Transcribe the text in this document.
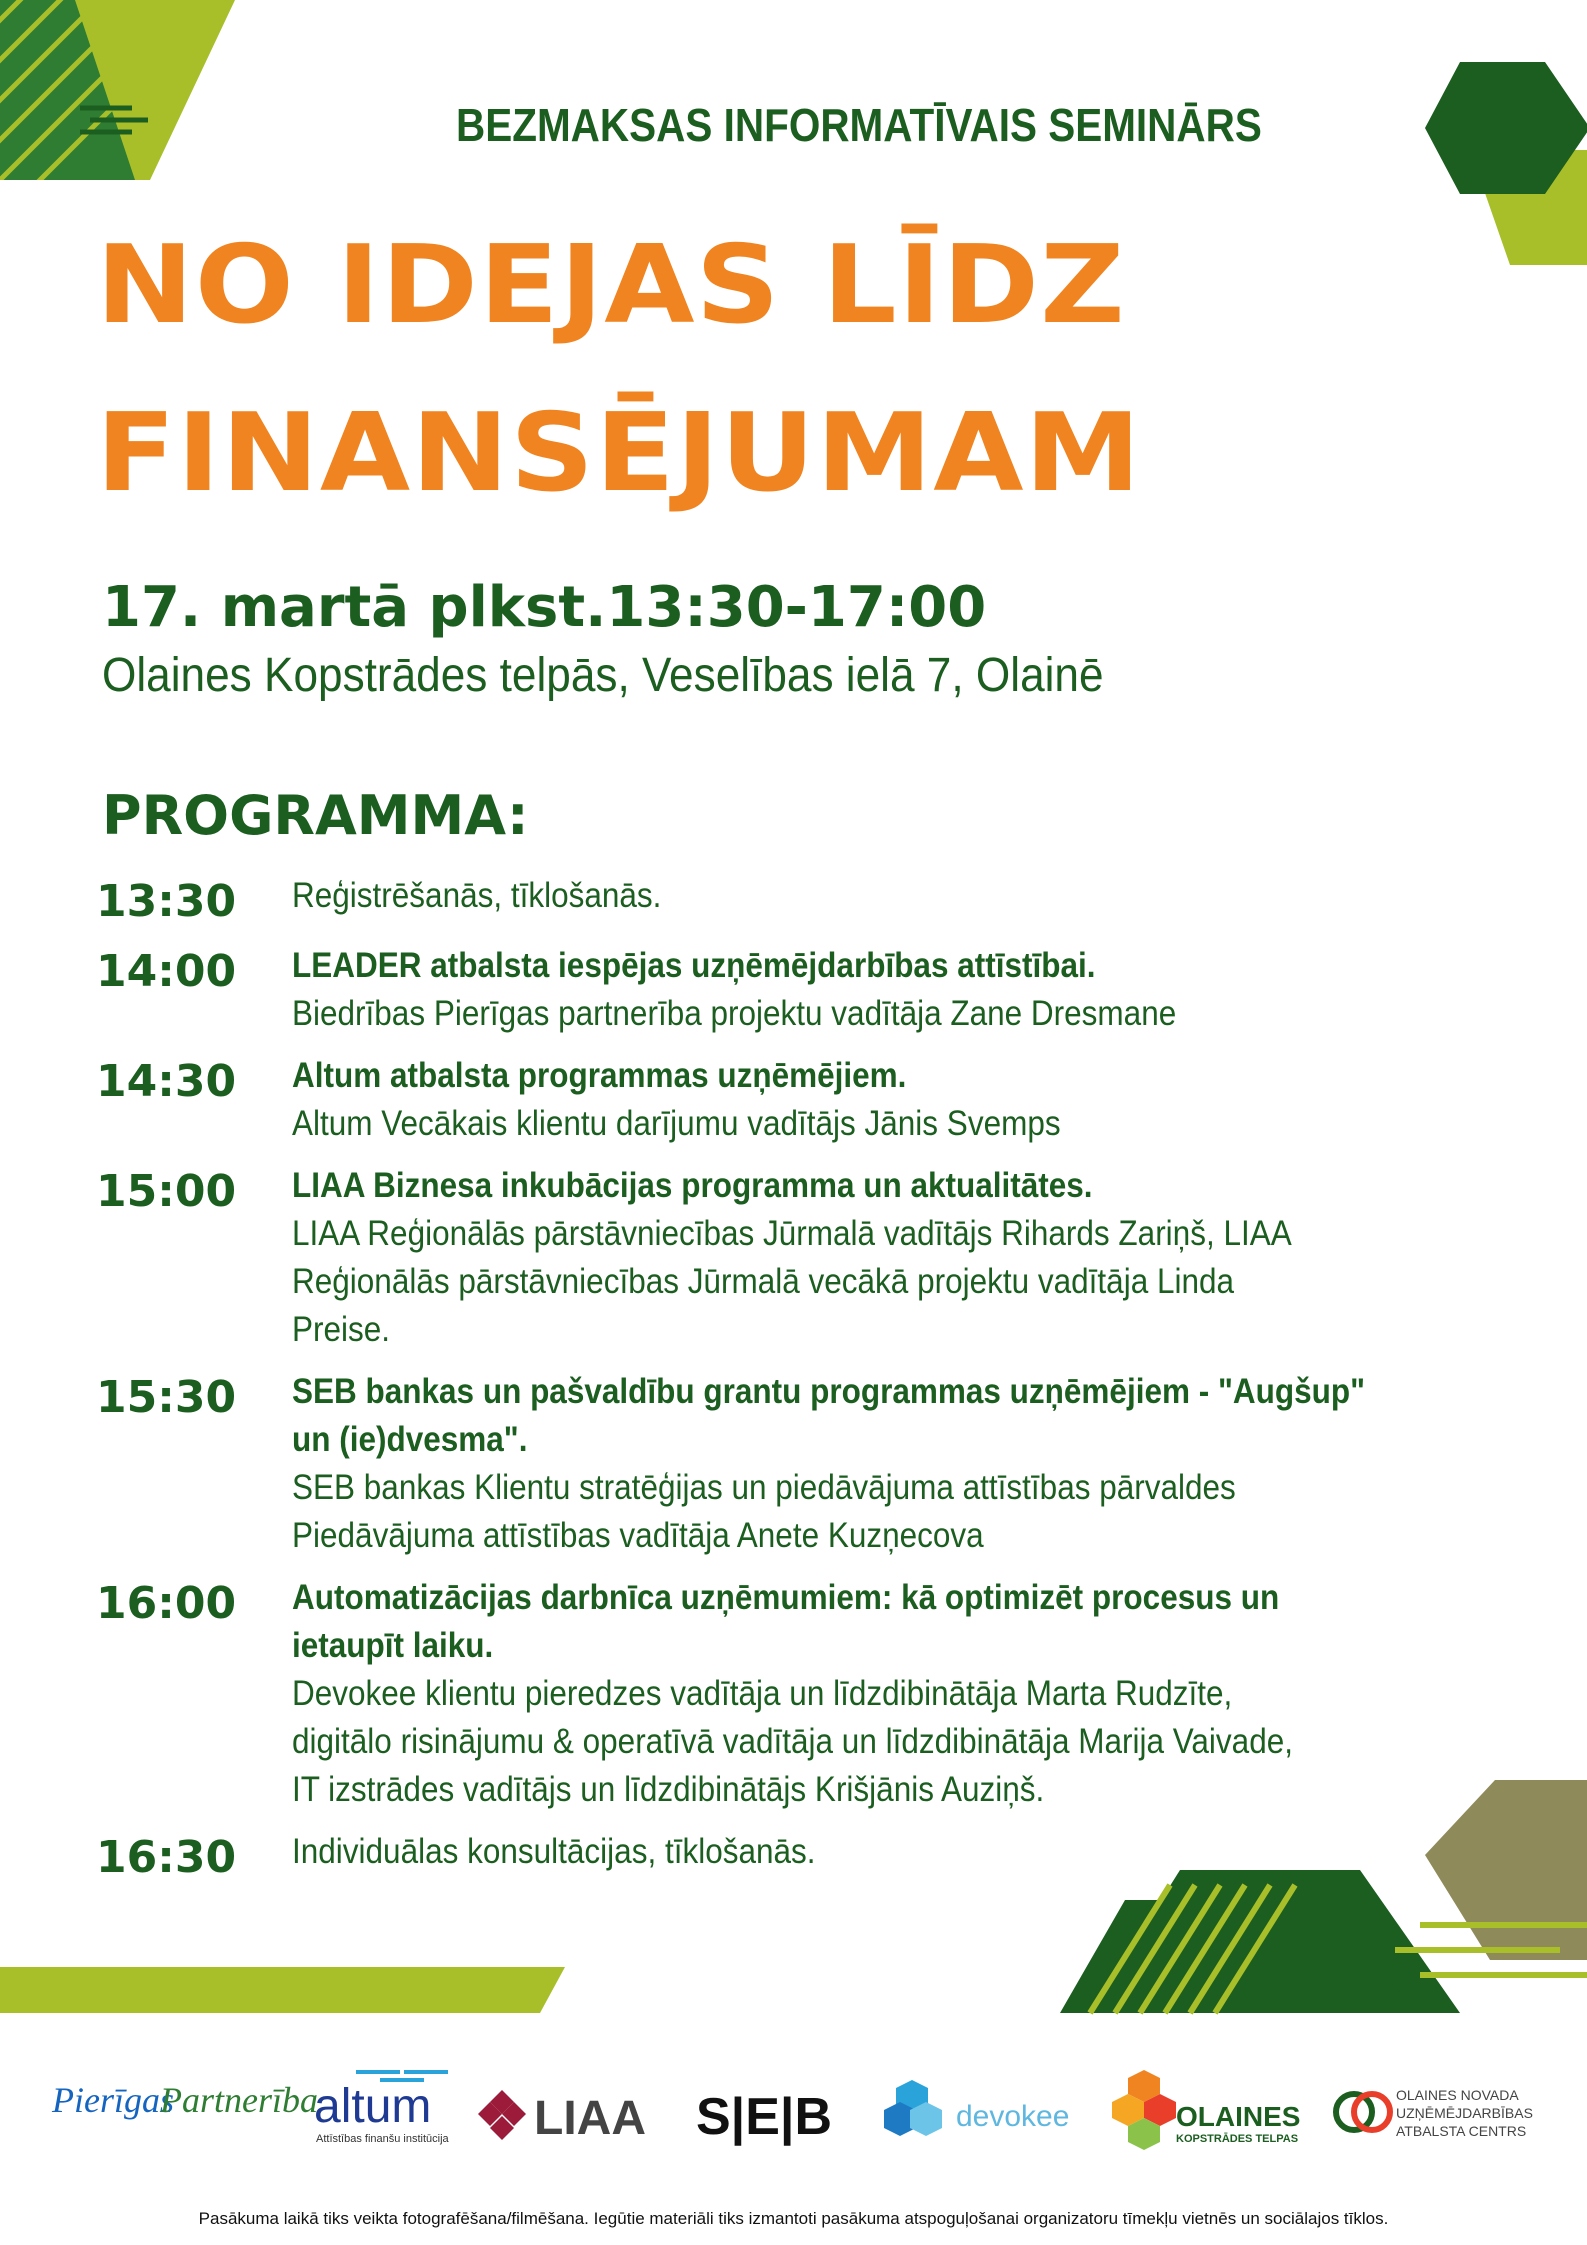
BEZMAKSAS INFORMATĪVAIS SEMINĀRS
NO IDEJAS LĪDZ
FINANSĒJUMAM
17. martā plkst.13:30-17:00
Olaines Kopstrādes telpās, Veselības ielā 7, Olainē
PROGRAMMA:
13:30	Reģistrēšanās, tīklošanās.
14:00	LEADER atbalsta iespējas uzņēmējdarbības attīstībai.
Biedrības Pierīgas partnerība projektu vadītāja Zane Dresmane
14:30	Altum atbalsta programmas uzņēmējiem.
Altum Vecākais klientu darījumu vadītājs Jānis Svemps
15:00	LIAA Biznesa inkubācijas programma un aktualitātes.
LIAA Reģionālās pārstāvniecības Jūrmalā vadītājs Rihards Zariņš, LIAA
Reģionālās pārstāvniecības Jūrmalā vecākā projektu vadītāja Linda
Preise.
15:30	SEB bankas un pašvaldību grantu programmas uzņēmējiem - "Augšup"
un (ie)dvesma".
SEB bankas Klientu stratēģijas un piedāvājuma attīstības pārvaldes
Piedāvājuma attīstības vadītāja Anete Kuzņecova
16:00	Automatizācijas darbnīca uzņēmumiem: kā optimizēt procesus un
ietaupīt laiku.
Devokee klientu pieredzes vadītāja un līdzdibinātāja Marta Rudzīte,
digitālo risinājumu & operatīvā vadītāja un līdzdibinātāja Marija Vaivade,
IT izstrādes vadītājs un līdzdibinātājs Krišjānis Auziņš.
16:30	Individuālas konsultācijas, tīklošanās.
Pierīgas
Partnerība
altum
Attīstības finanšu institūcija LIAA S|E|B	devokee	OLAINES
KOPSTRĀDES TELPAS
OLAINES NOVADA
UZŅĒMĒJDARBĪBAS
ATBALSTA CENTRS
Pasākuma laikā tiks veikta fotografēšana/filmēšana. Iegūtie materiāli tiks izmantoti pasākuma atspoguļošanai organizatoru tīmekļu vietnēs un sociālajos tīklos.
